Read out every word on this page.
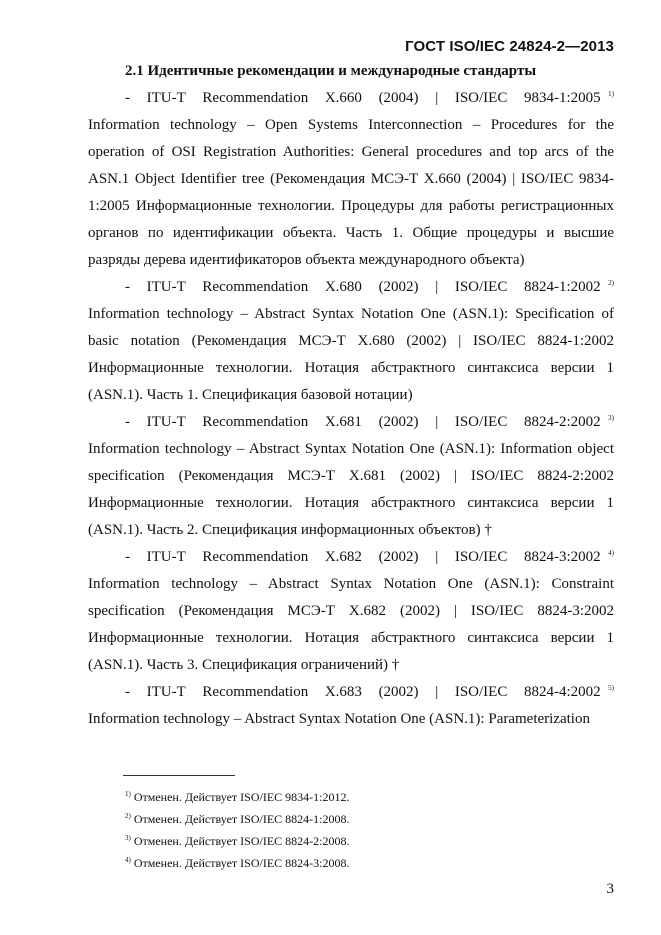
ГОСТ ISO/IEC 24824-2—2013

2.1 Идентичные рекомендации и международные стандарты

- ITU-T Recommendation X.660 (2004) | ISO/IEC 9834-1:2005 $^{1)}$

Information technology – Open Systems Interconnection – Procedures for the operation of OSI Registration Authorities: General procedures and top arcs of the ASN.1 Object Identifier tree (Рекомендация МСЭ-Т X.660 (2004) | ISO/IEC 9834-1:2005 Информационные технологии. Процедуры для работы регистрационных органов по идентификации объекта. Часть 1. Общие процедуры и высшие разряды дерева идентификаторов объекта международного объекта)

- ITU-T Recommendation X.680 (2002) | ISO/IEC 8824-1:2002 $^{2)}$

Information technology – Abstract Syntax Notation One (ASN.1): Specification of basic notation (Рекомендация МСЭ-Т X.680 (2002) | ISO/IEC 8824-1:2002 Информационные технологии. Нотация абстрактного синтаксиса версии 1 (ASN.1). Часть 1. Спецификация базовой нотации)

- ITU-T Recommendation X.681 (2002) | ISO/IEC 8824-2:2002 $^{3)}$

Information technology – Abstract Syntax Notation One (ASN.1): Information object specification (Рекомендация МСЭ-Т X.681 (2002) | ISO/IEC 8824-2:2002 Информационные технологии. Нотация абстрактного синтаксиса версии 1 (ASN.1). Часть 2. Спецификация информационных объектов) †

- ITU-T Recommendation X.682 (2002) | ISO/IEC 8824-3:2002 $^{4)}$

Information technology – Abstract Syntax Notation One (ASN.1): Constraint specification (Рекомендация МСЭ-Т X.682 (2002) | ISO/IEC 8824-3:2002 Информационные технологии. Нотация абстрактного синтаксиса версии 1 (ASN.1). Часть 3. Спецификация ограничений) †

- ITU-T Recommendation X.683 (2002) | ISO/IEC 8824-4:2002 $^{5)}$

Information technology – Abstract Syntax Notation One (ASN.1): Parameterization

$^{1)}$ Отменен. Действует ISO/IEC 9834-1:2012.
$^{2)}$ Отменен. Действует ISO/IEC 8824-1:2008.
$^{3)}$ Отменен. Действует ISO/IEC 8824-2:2008.
$^{4)}$ Отменен. Действует ISO/IEC 8824-3:2008.
3
